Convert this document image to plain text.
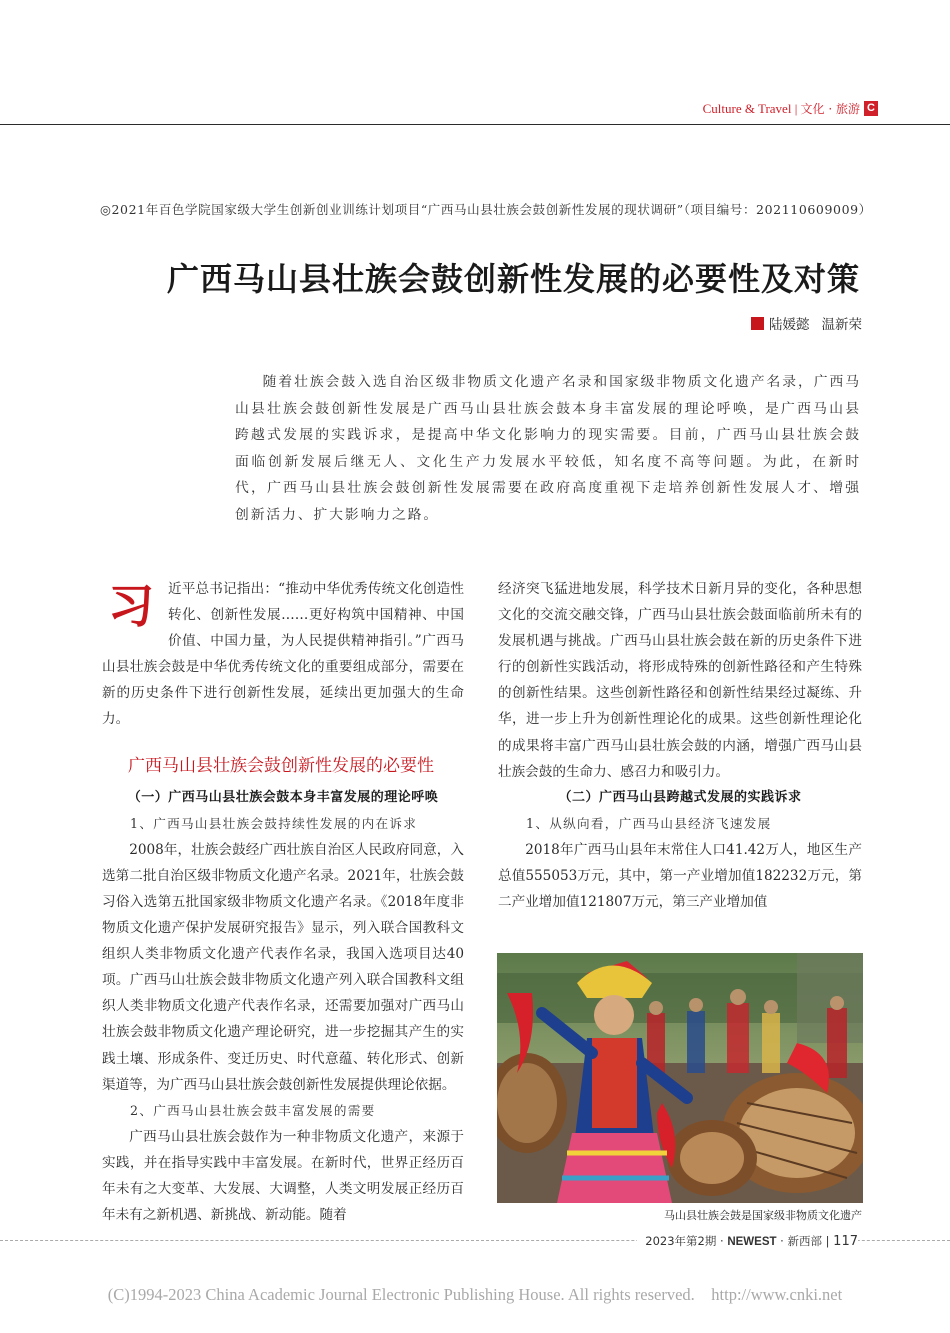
Culture & Travel | 文化 · 旅游 C
◎2021年百色学院国家级大学生创新创业训练计划项目“广西马山县壮族会鼓创新性发展的现状调研”（项目编号：202110609009）
广西马山县壮族会鼓创新性发展的必要性及对策
陆媛懿 温新荣
随着壮族会鼓入选自治区级非物质文化遗产名录和国家级非物质文化遗产名录，广西马山县壮族会鼓创新性发展是广西马山县壮族会鼓本身丰富发展的理论呼唤，是广西马山县跨越式发展的实践诉求，是提高中华文化影响力的现实需要。目前，广西马山县壮族会鼓面临创新发展后继无人、文化生产力发展水平较低，知名度不高等问题。为此，在新时代，广西马山县壮族会鼓创新性发展需要在政府高度重视下走培养创新性发展人才、增强创新活力、扩大影响力之路。

习 近平总书记指出：“推动中华优秀传统文化创造性转化、创新性发展……更好构筑中国精神、中国价值、中国力量，为人民提供精神指引。”广西马山县壮族会鼓是中华优秀传统文化的重要组成部分，需要在新的历史条件下进行创新性发展，延续出更加强大的生命力。

广西马山县壮族会鼓创新性发展的必要性

（一）广西马山县壮族会鼓本身丰富发展的理论呼唤

1、广西马山县壮族会鼓持续性发展的内在诉求

2008年，壮族会鼓经广西壮族自治区人民政府同意，入选第二批自治区级非物质文化遗产名录。2021年，壮族会鼓习俗入选第五批国家级非物质文化遗产名录。《2018年度非物质文化遗产保护发展研究报告》显示，列入联合国教科文组织人类非物质文化遗产代表作名录，我国入选项目达40项。广西马山壮族会鼓非物质文化遗产列入联合国教科文组织人类非物质文化遗产代表作名录，还需要加强对广西马山壮族会鼓非物质文化遗产理论研究，进一步挖掘其产生的实践土壤、形成条件、变迁历史、时代意蕴、转化形式、创新渠道等，为广西马山县壮族会鼓创新性发展提供理论依据。

2、广西马山县壮族会鼓丰富发展的需要

广西马山县壮族会鼓作为一种非物质文化遗产，来源于实践，并在指导实践中丰富发展。在新时代，世界正经历百年未有之大变革、大发展、大调整，人类文明发展正经历百年未有之新机遇、新挑战、新动能。随着

经济突飞猛进地发展，科学技术日新月异的变化，各种思想文化的交流交融交锋，广西马山县壮族会鼓面临前所未有的发展机遇与挑战。广西马山县壮族会鼓在新的历史条件下进行的创新性实践活动，将形成特殊的创新性路径和产生特殊的创新性结果。这些创新性路径和创新性结果经过凝练、升华，进一步上升为创新性理论化的成果。这些创新性理论化的成果将丰富广西马山县壮族会鼓的内涵，增强广西马山县壮族会鼓的生命力、感召力和吸引力。

（二）广西马山县跨越式发展的实践诉求

1、从纵向看，广西马山县经济飞速发展

2018年广西马山县年末常住人口41.42万人，地区生产总值555053万元，其中，第一产业增加值182232万元，第二产业增加值121807万元，第三产业增加值

马山县壮族会鼓是国家级非物质文化遗产
2023年第2期 · NEWEST · 新西部 | 117
(C)1994-2023 China Academic Journal Electronic Publishing House. All rights reserved.    http://www.cnki.net
